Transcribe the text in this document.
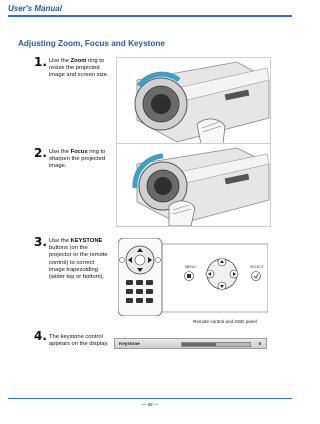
User's Manual
Adjusting Zoom, Focus and Keystone
1. Use the Zoom ring to resize the projected image and screen size.
2. Use the Focus ring to sharpen the projected image.
3. Use the KEYSTONE buttons (on the projector or the remote control) to correct image trapezoiding (wider top or bottom).
MENU	SELECT
Remote control and OSD panel
4. The keystone control appears on the display.	Keystone	0
— 28 —
